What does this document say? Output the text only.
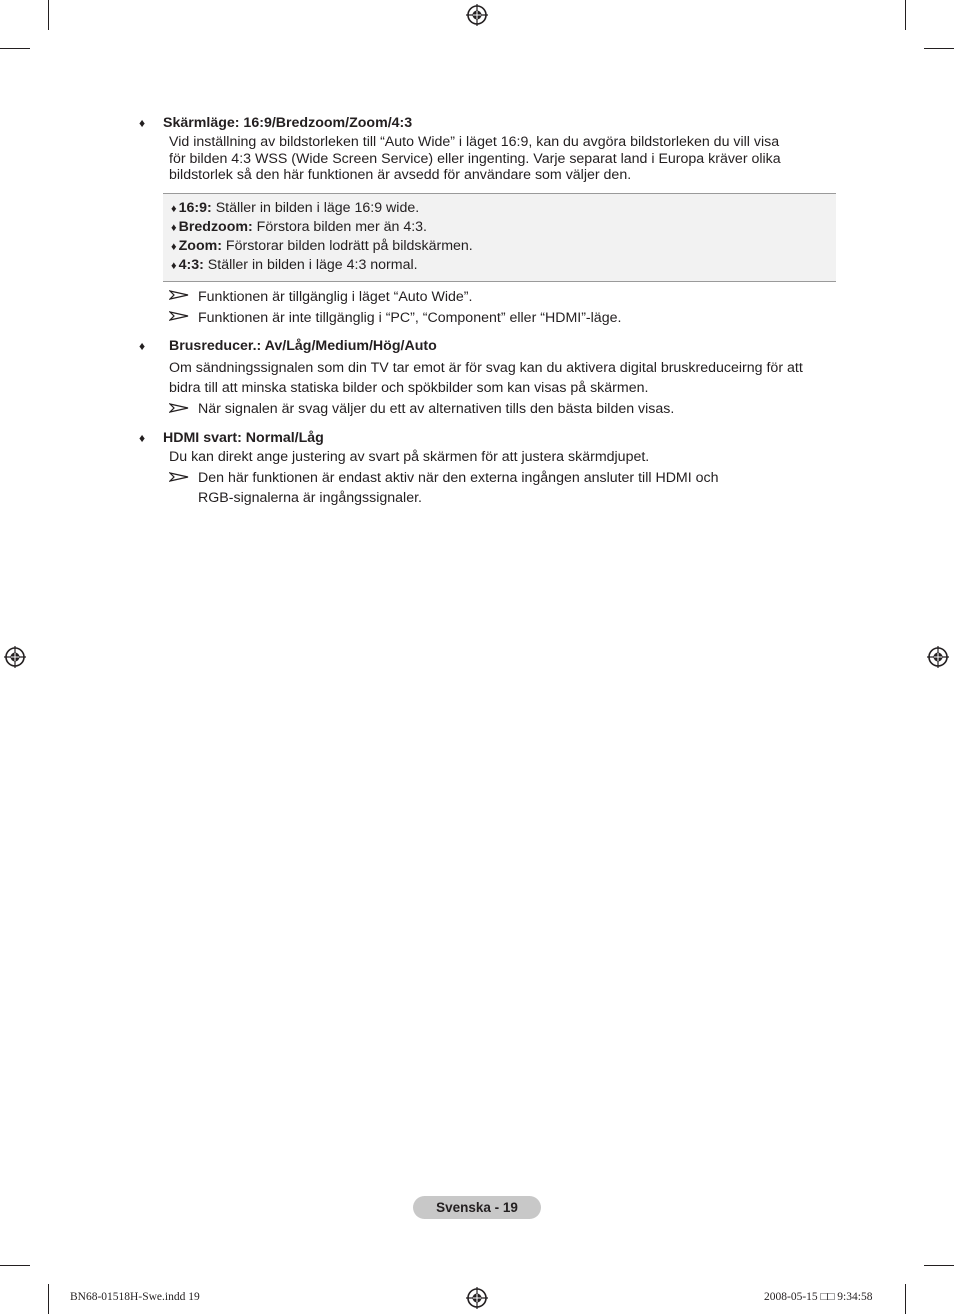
♦ Skärmläge: 16:9/Bredzoom/Zoom/4:3
Vid inställning av bildstorleken till “Auto Wide” i läget 16:9, kan du avgöra bildstorleken du vill visa
för bilden 4:3 WSS (Wide Screen Service) eller ingenting. Varje separat land i Europa kräver olika
bildstorlek så den här funktionen är avsedd för användare som väljer den.
♦ 16:9: Ställer in bilden i läge 16:9 wide.
♦ Bredzoom: Förstora bilden mer än 4:3.
♦ Zoom: Förstorar bilden lodrätt på bildskärmen.
♦ 4:3: Ställer in bilden i läge 4:3 normal.
Funktionen är tillgänglig i läget “Auto Wide”.
Funktionen är inte tillgänglig i “PC”, “Component” eller “HDMI”-läge.
♦ Brusreducer.: Av/Låg/Medium/Hög/Auto
Om sändningssignalen som din TV tar emot är för svag kan du aktivera digital bruskreduceirng för att
bidra till att minska statiska bilder och spökbilder som kan visas på skärmen.
När signalen är svag väljer du ett av alternativen tills den bästa bilden visas.
♦ HDMI svart: Normal/Låg
Du kan direkt ange justering av svart på skärmen för att justera skärmdjupet.
Den här funktionen är endast aktiv när den externa ingången ansluter till HDMI och
RGB-signalerna är ingångssignaler.
Svenska - 19
BN68-01518H-Swe.indd 19	2008-05-15 □□ 9:34:58
